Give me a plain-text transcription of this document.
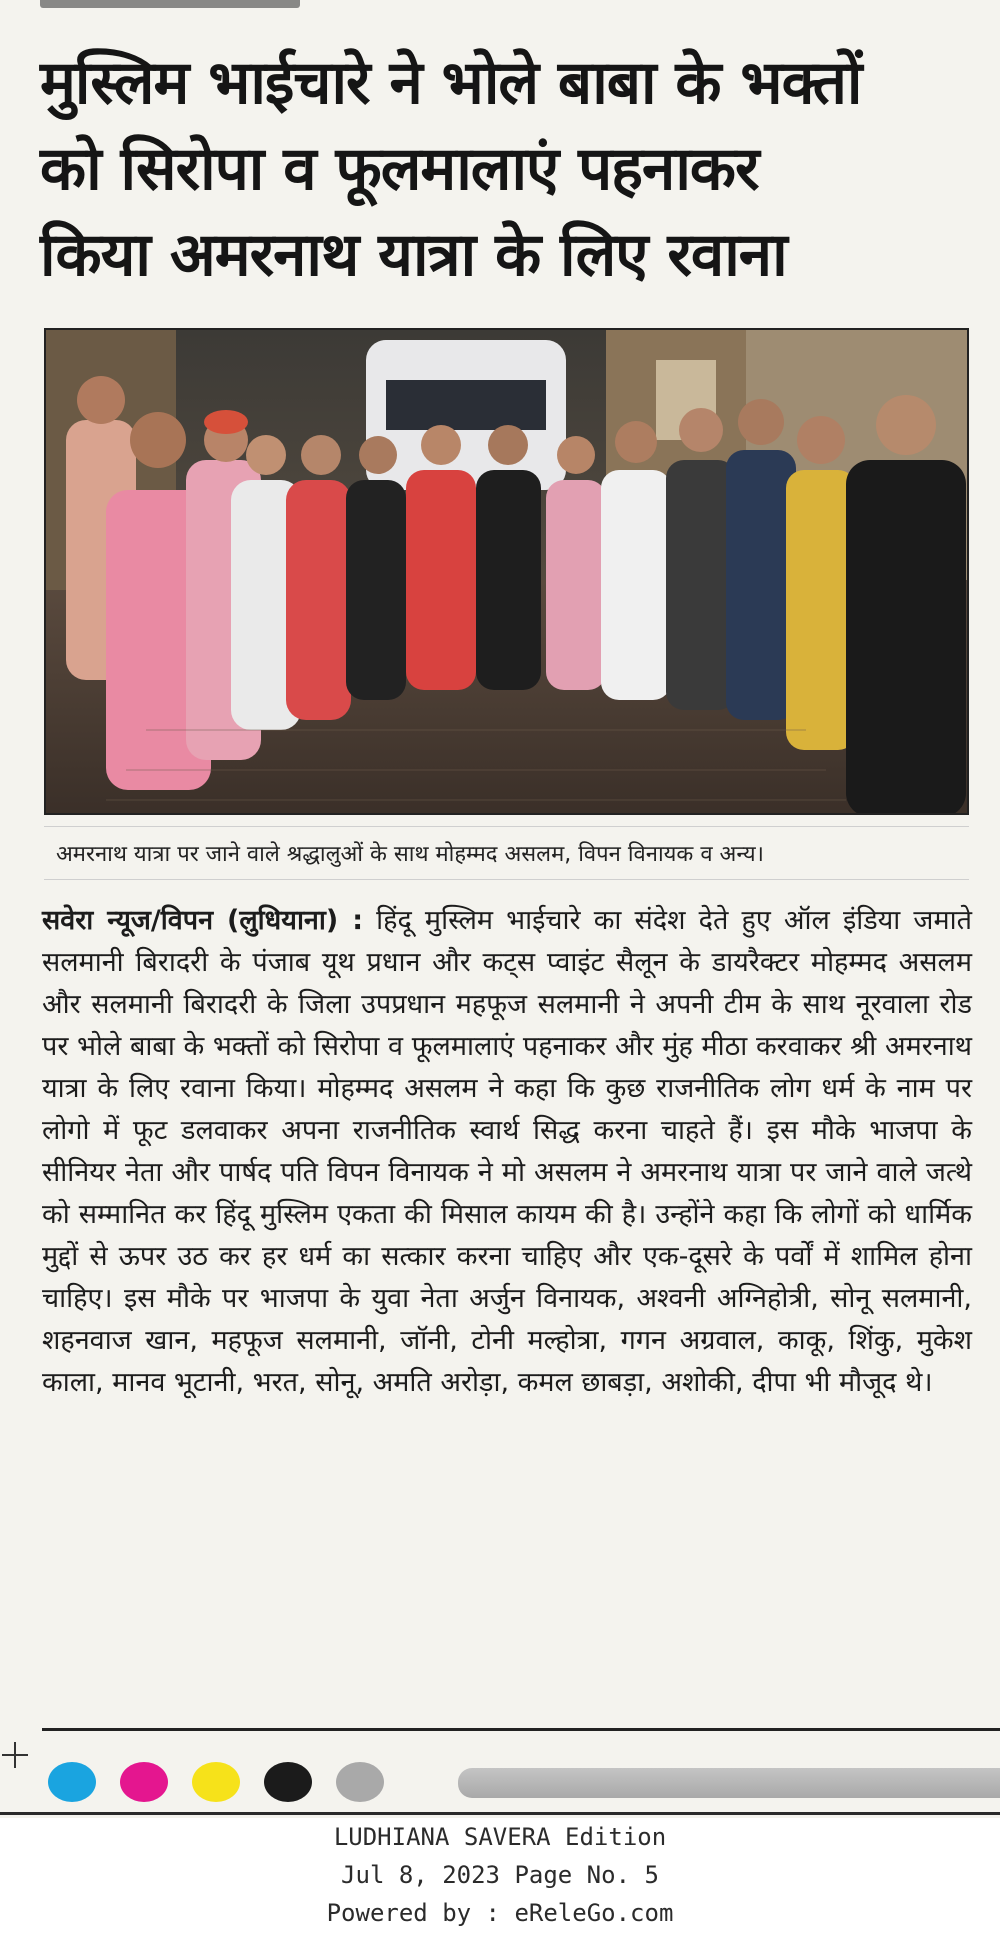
मुस्लिम भाईचारे ने भोले बाबा के भक्तों
को सिरोपा व फूलमालाएं पहनाकर
किया अमरनाथ यात्रा के लिए रवाना
अमरनाथ यात्रा पर जाने वाले श्रद्धालुओं के साथ मोहम्मद असलम, विपन विनायक व अन्य।
सवेरा न्यूज/विपन (लुधियाना) : हिंदू मुस्लिम भाईचारे का संदेश देते हुए ऑल इंडिया जमाते सलमानी बिरादरी के पंजाब यूथ प्रधान और कट्स प्वाइंट सैलून के डायरैक्टर मोहम्मद असलम और सलमानी बिरादरी के जिला उपप्रधान महफूज सलमानी ने अपनी टीम के साथ नूरवाला रोड पर भोले बाबा के भक्तों को सिरोपा व फूलमालाएं पहनाकर और मुंह मीठा करवाकर श्री अमरनाथ यात्रा के लिए रवाना किया। मोहम्मद असलम ने कहा कि कुछ राजनीतिक लोग धर्म के नाम पर लोगो में फूट डलवाकर अपना राजनीतिक स्वार्थ सिद्ध करना चाहते हैं। इस मौके भाजपा के सीनियर नेता और पार्षद पति विपन विनायक ने मो असलम ने अमरनाथ यात्रा पर जाने वाले जत्थे को सम्मानित कर हिंदू मुस्लिम एकता की मिसाल कायम की है। उन्होंने कहा कि लोगों को धार्मिक मुद्दों से ऊपर उठ कर हर धर्म का सत्कार करना चाहिए और एक-दूसरे के पर्वों में शामिल होना चाहिए। इस मौके पर भाजपा के युवा नेता अर्जुन विनायक, अश्वनी अग्निहोत्री, सोनू सलमानी, शहनवाज खान, महफूज सलमानी, जॉनी, टोनी मल्होत्रा, गगन अग्रवाल, काकू, शिंकु, मुकेश काला, मानव भूटानी, भरत, सोनू, अमति अरोड़ा, कमल छाबड़ा, अशोकी, दीपा भी मौजूद थे।
LUDHIANA SAVERA Edition
Jul 8, 2023 Page No. 5
Powered by : eReleGo.com
